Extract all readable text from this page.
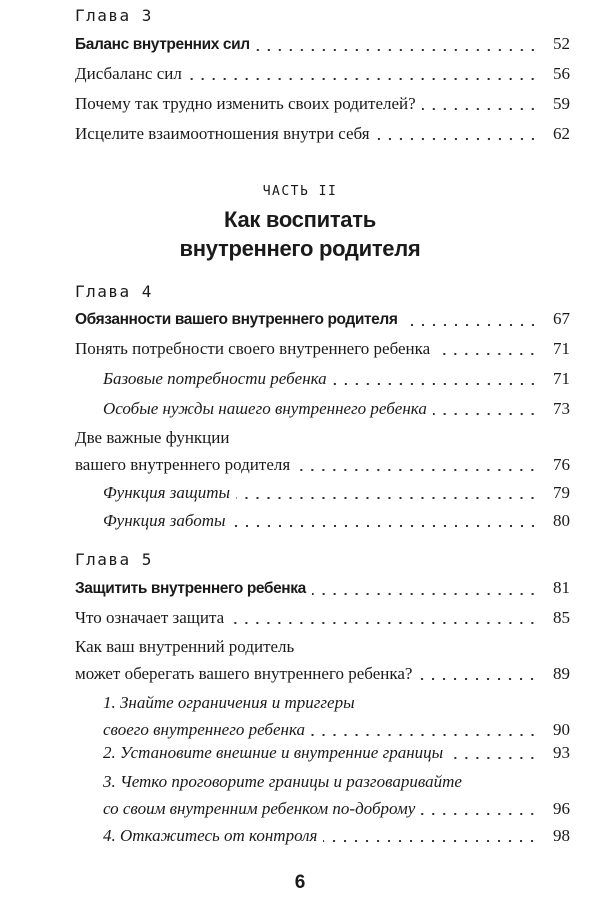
Глава 3
Баланс внутренних сил	52
Дисбаланс сил	56
Почему так трудно изменить своих родителей?	59
Исцелите взаимоотношения внутри себя	62
ЧАСТЬ II
Как воспитать
внутреннего родителя
Глава 4
Обязанности вашего внутреннего родителя	67
Понять потребности своего внутреннего ребенка	71
Базовые потребности ребенка	71
Особые нужды нашего внутреннего ребенка	73
Две важные функции
вашего внутреннего родителя	76
Функция защиты	79
Функция заботы	80
Глава 5
Защитить внутреннего ребенка	81
Что означает защита	85
Как ваш внутренний родитель
может оберегать вашего внутреннего ребенка?	89
1. Знайте ограничения и триггеры
своего внутреннего ребенка	90
2. Установите внешние и внутренние границы	93
3. Четко проговорите границы и разговаривайте
со своим внутренним ребенком по-доброму	96
4. Откажитесь от контроля	98
6
